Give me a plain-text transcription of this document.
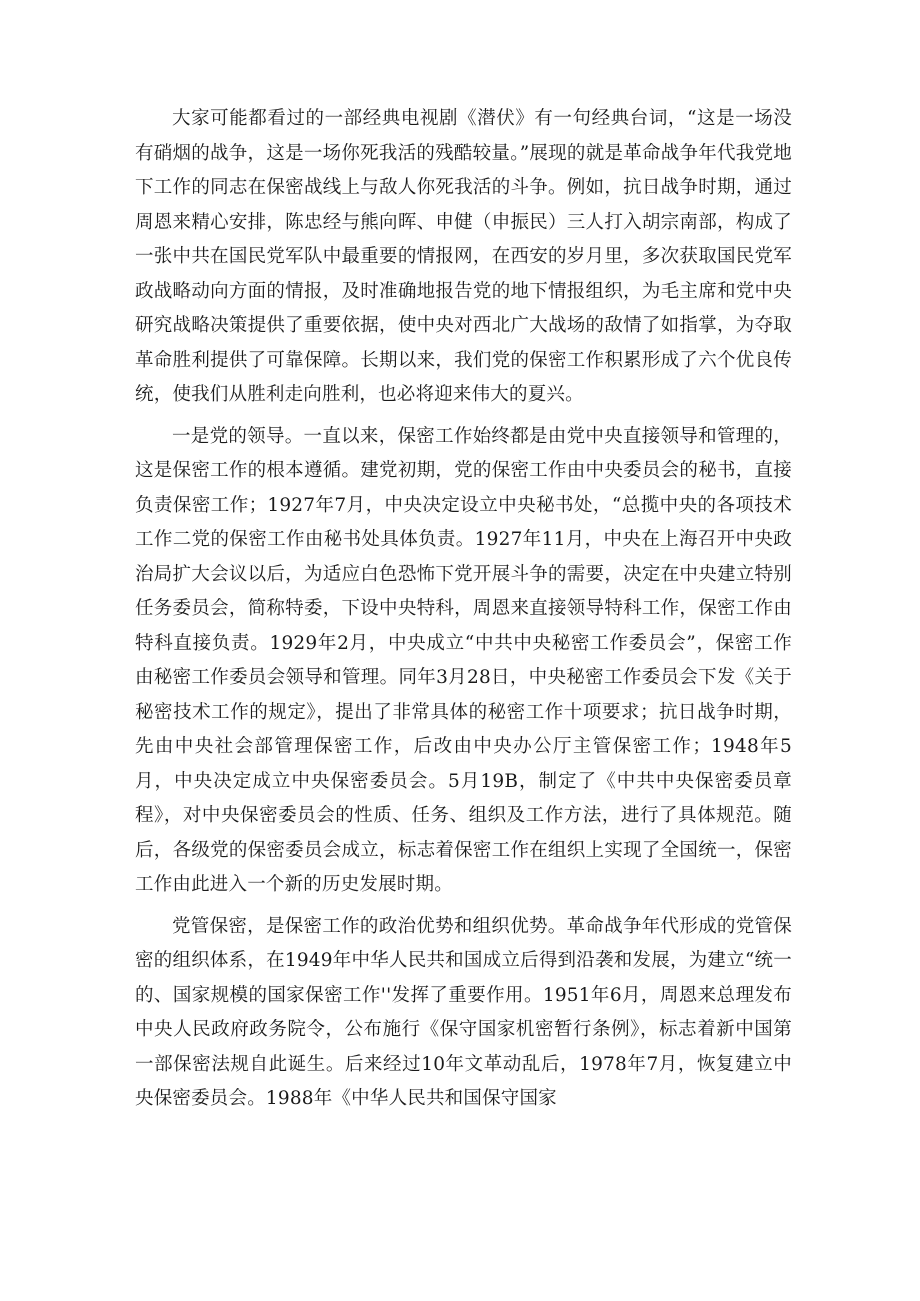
大家可能都看过的一部经典电视剧《潜伏》有一句经典台词，“这是一场没有硝烟的战争，这是一场你死我活的残酷较量。”展现的就是革命战争年代我党地下工作的同志在保密战线上与敌人你死我活的斗争。例如，抗日战争时期，通过周恩来精心安排，陈忠经与熊向晖、申健（申振民）三人打入胡宗南部，构成了一张中共在国民党军队中最重要的情报网，在西安的岁月里，多次获取国民党军政战略动向方面的情报，及时准确地报告党的地下情报组织，为毛主席和党中央研究战略决策提供了重要依据，使中央对西北广大战场的敌情了如指掌，为夺取革命胜利提供了可靠保障。长期以来，我们党的保密工作积累形成了六个优良传统，使我们从胜利走向胜利，也必将迎来伟大的夏兴。

一是党的领导。一直以来，保密工作始终都是由党中央直接领导和管理的，这是保密工作的根本遵循。建党初期，党的保密工作由中央委员会的秘书，直接负责保密工作；1927年7月，中央决定设立中央秘书处，“总揽中央的各项技术工作二党的保密工作由秘书处具体负责。1927年11月，中央在上海召开中央政治局扩大会议以后，为适应白色恐怖下党开展斗争的需要，决定在中央建立特别任务委员会，简称特委，下设中央特科，周恩来直接领导特科工作，保密工作由特科直接负责。1929年2月，中央成立“中共中央秘密工作委员会”，保密工作由秘密工作委员会领导和管理。同年3月28日，中央秘密工作委员会下发《关于秘密技术工作的规定》，提出了非常具体的秘密工作十项要求；抗日战争时期，先由中央社会部管理保密工作，后改由中央办公厅主管保密工作；1948年5月，中央决定成立中央保密委员会。5月19B，制定了《中共中央保密委员章程》，对中央保密委员会的性质、任务、组织及工作方法，进行了具体规范。随后，各级党的保密委员会成立，标志着保密工作在组织上实现了全国统一，保密工作由此进入一个新的历史发展时期。

党管保密，是保密工作的政治优势和组织优势。革命战争年代形成的党管保密的组织体系，在1949年中华人民共和国成立后得到沿袭和发展，为建立“统一的、国家规模的国家保密工作''发挥了重要作用。1951年6月，周恩来总理发布中央人民政府政务院令，公布施行《保守国家机密暂行条例》，标志着新中国第一部保密法规自此诞生。后来经过10年文革动乱后，1978年7月，恢复建立中央保密委员会。1988年《中华人民共和国保守国家
